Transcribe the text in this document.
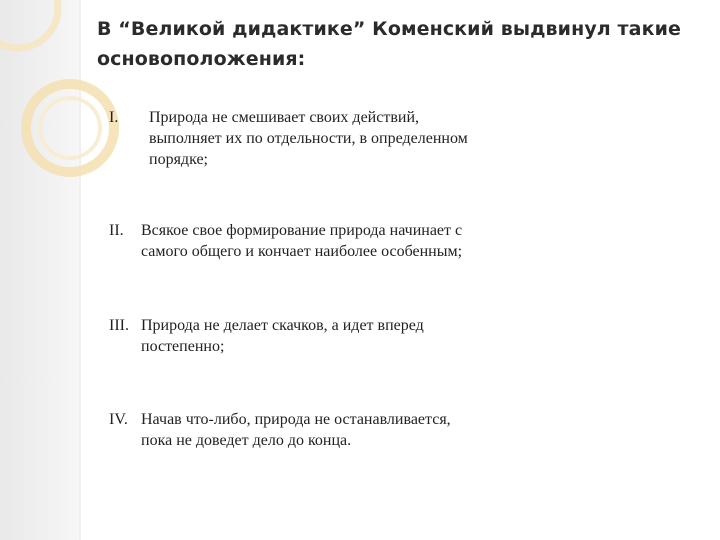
В “Великой дидактике” Коменский выдвинул такие основоположения:
I. Природа не смешивает своих действий,
выполняет их по отдельности, в определенном
порядке;
II. Всякое свое формирование природа начинает с
самого общего и кончает наиболее особенным;
III. Природа не делает скачков, а идет вперед
постепенно;
IV. Начав что-либо, природа не останавливается,
пока не доведет дело до конца.
